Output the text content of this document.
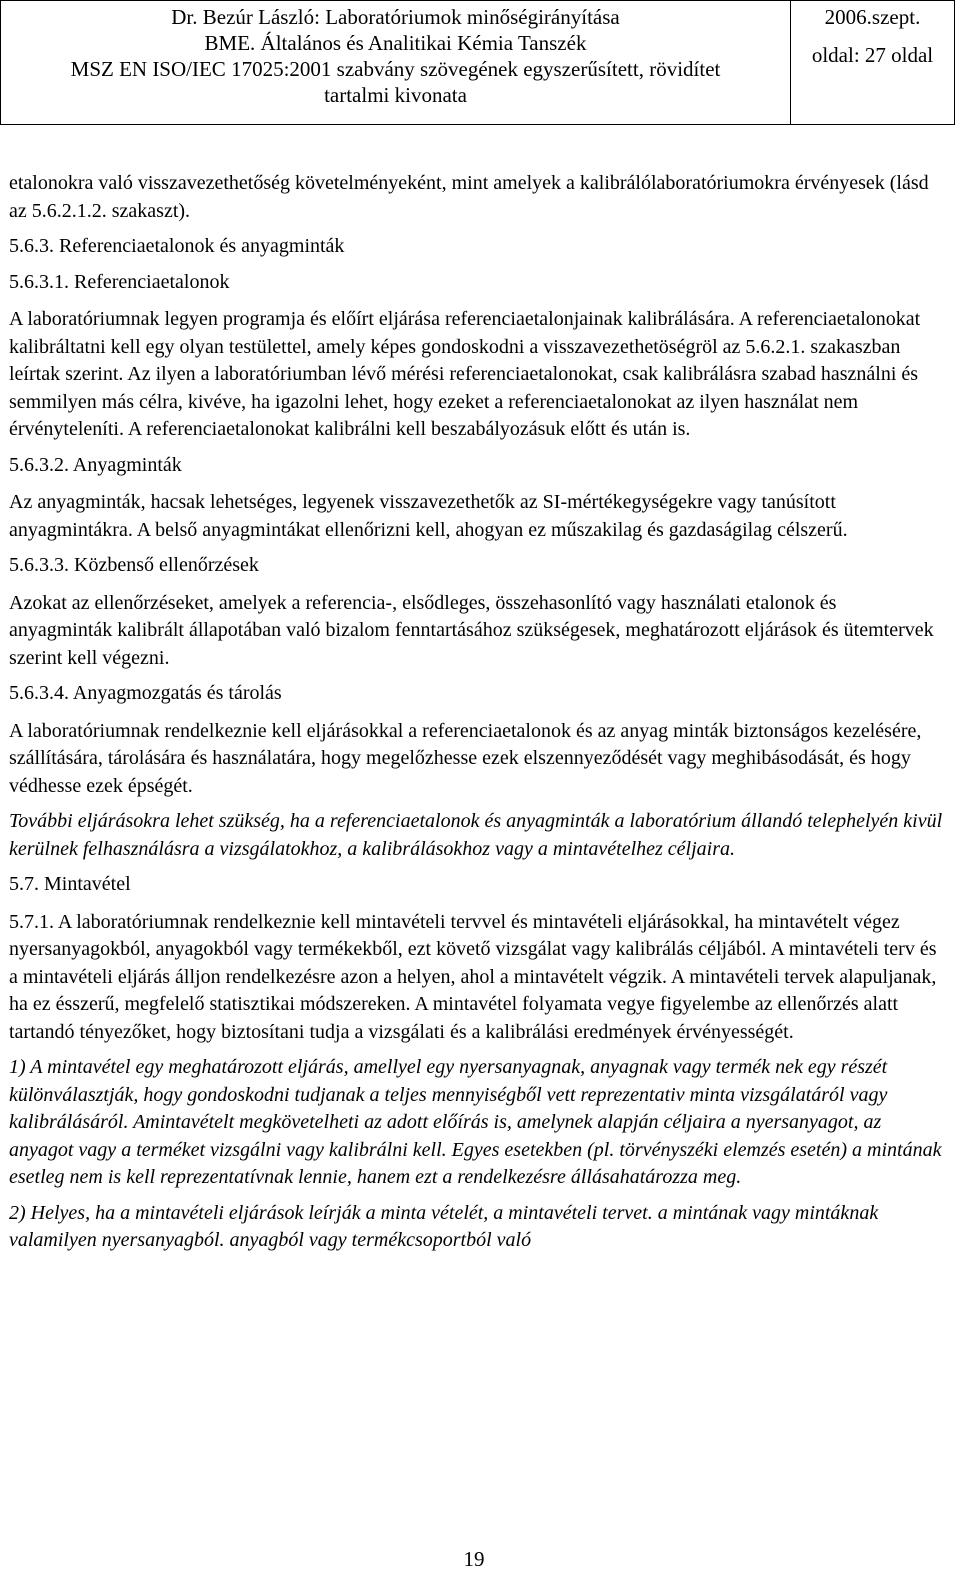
Dr. Bezúr László: Laboratóriumok minőségirányítása
BME. Általános és Analitikai Kémia Tanszék
MSZ EN ISO/IEC 17025:2001 szabvány szövegének egyszerűsített, rövidítet
tartalmi kivonata
2006.szept.
oldal: 27 oldal

etalonokra való visszavezethetőség követelményeként, mint amelyek a kalibrálólaboratóriumokra érvényesek (lásd az 5.6.2.1.2. szakaszt).

5.6.3. Referenciaetalonok és anyagminták

5.6.3.1. Referenciaetalonok

A laboratóriumnak legyen programja és előírt eljárása referenciaetalonjainak kalibrálására. A referenciaetalonokat kalibráltatni kell egy olyan testülettel, amely képes gondoskodni a visszavezethetöségröl az 5.6.2.1. szakaszban leírtak szerint. Az ilyen a laboratóriumban lévő mérési referenciaetalonokat, csak kalibrálásra szabad használni és semmilyen más célra, kivéve, ha igazolni lehet, hogy ezeket a referenciaetalonokat az ilyen használat nem érvényteleníti. A referenciaetalonokat kalibrálni kell beszabályozásuk előtt és után is.

5.6.3.2. Anyagminták

Az anyagminták, hacsak lehetséges, legyenek visszavezethetők az SI-mértékegységekre vagy tanúsított anyagmintákra. A belső anyagmintákat ellenőrizni kell, ahogyan ez műszakilag és gazdaságilag célszerű.

5.6.3.3. Közbenső ellenőrzések

Azokat az ellenőrzéseket, amelyek a referencia-, elsődleges, összehasonlító vagy használati etalonok és anyagminták kalibrált állapotában való bizalom fenntartásához szükségesek, meghatározott eljárások és ütemtervek szerint kell végezni.

5.6.3.4. Anyagmozgatás és tárolás

A laboratóriumnak rendelkeznie kell eljárásokkal a referenciaetalonok és az anyag minták biztonságos kezelésére, szállítására, tárolására és használatára, hogy megelőzhesse ezek elszennyeződését vagy meghibásodását, és hogy védhesse ezek épségét.

További eljárásokra lehet szükség, ha a referenciaetalonok és anyagminták a laboratórium állandó telephelyén kivül kerülnek felhasználásra a vizsgálatokhoz, a kalibrálásokhoz vagy a mintavételhez céljaira.

5.7. Mintavétel

5.7.1. A laboratóriumnak rendelkeznie kell mintavételi tervvel és mintavételi eljárásokkal, ha mintavételt végez nyersanyagokból, anyagokból vagy termékekből, ezt követő vizsgálat vagy kalibrálás céljából. A mintavételi terv és a mintavételi eljárás álljon rendelkezésre azon a helyen, ahol a mintavételt végzik. A mintavételi tervek alapuljanak, ha ez ésszerű, megfelelő statisztikai módszereken. A mintavétel folyamata vegye figyelembe az ellenőrzés alatt tartandó tényezőket, hogy biztosítani tudja a vizsgálati és a kalibrálási eredmények érvényességét.

1) A mintavétel egy meghatározott eljárás, amellyel egy nyersanyagnak, anyagnak vagy termék nek egy részét különválasztják, hogy gondoskodni tudjanak a teljes mennyiségből vett reprezentativ minta vizsgálatáról vagy kalibrálásáról. Amintavételt megkövetelheti az adott előírás is, amelynek alapján céljaira a nyersanyagot, az anyagot vagy a terméket vizsgálni vagy kalibrálni kell. Egyes esetekben (pl. törvényszéki elemzés esetén) a mintának esetleg nem is kell reprezentatívnak lennie, hanem ezt a rendelkezésre állásahatározza meg.

2) Helyes, ha a mintavételi eljárások leírják a minta vételét, a mintavételi tervet. a mintának vagy mintáknak valamilyen nyersanyagból. anyagból vagy termékcsoportból való

19
